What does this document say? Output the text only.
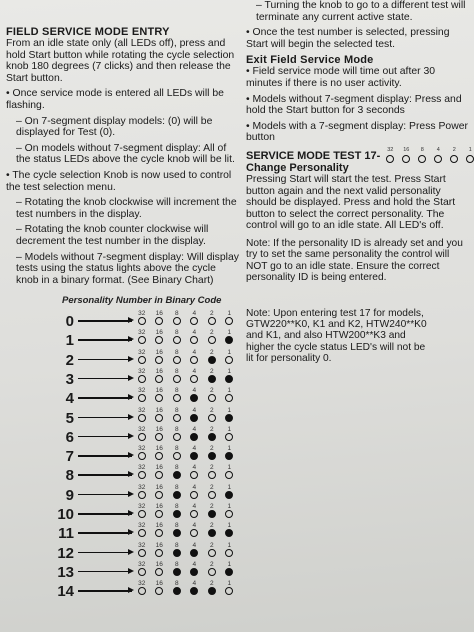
FIELD SERVICE MODE ENTRY
From an idle state only (all LEDs off), press and hold Start button while rotating the cycle selection knob 180 degrees (7 clicks) and then release the Start button.
• Once service mode is entered all LEDs will be flashing.
– On 7-segment display models: (0) will be displayed for Test (0).
– On models without 7-segment display: All of the status LEDs above the cycle knob will be lit.
• The cycle selection Knob is now used to control the test selection menu.
– Rotating the knob clockwise will increment the test numbers in the display.
– Rotating the knob counter clockwise will decrement the test number in the display.
– Models without 7-segment display: Will display tests using the status lights above the cycle knob in a binary format. (See Binary Chart)
– Turning the knob to go to a different test will terminate any current active state.
• Once the test number is selected, pressing Start will begin the selected test.
Exit Field Service Mode
• Field service mode will time out after 30 minutes if there is no user activity.
• Models without 7-segment display: Press and hold the Start button for 3 seconds
• Models with a 7-segment display: Press Power button
SERVICE MODE TEST 17-
Change Personality
32 16 8 4 2 1
Pressing Start will start the test. Press Start button again and the next valid personality should be displayed. Press and hold the Start button to select the correct personality. The control will go to an idle state. All LED's off.
Note: If the personality ID is already set and you try to set the same personality the control will NOT go to an idle state. Ensure the correct personality ID is being entered.
Note: Upon entering test 17 for models, GTW220**K0, K1 and K2, HTW240**K0 and K1, and also HTW200**K3 and higher the cycle status LED's will not be lit for personality 0.
Personality Number in Binary Code
0	32	16	8	4	2	1
1	32	16	8	4	2	1
2	32	16	8	4	2	1
3	32	16	8	4	2	1
4	32	16	8	4	2	1
5	32	16	8	4	2	1
6	32	16	8	4	2	1
7	32	16	8	4	2	1
8	32	16	8	4	2	1
9	32	16	8	4	2	1
10	32	16	8	4	2	1
11	32	16	8	4	2	1
12	32	16	8	4	2	1
13	32	16	8	4	2	1
14	32	16	8	4	2	1
